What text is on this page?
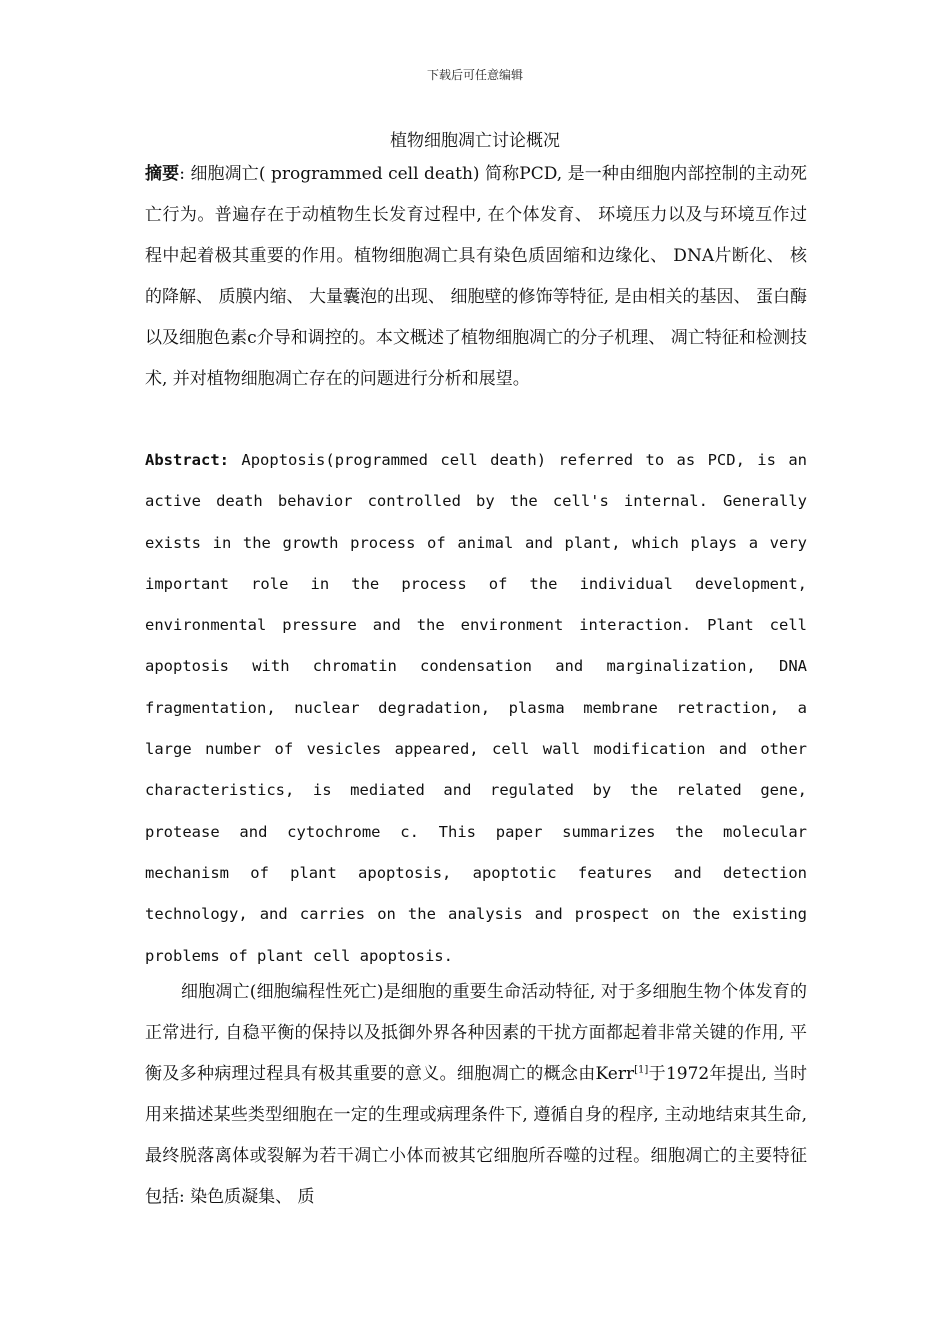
下载后可任意编辑
植物细胞凋亡讨论概况
摘要: 细胞凋亡( programmed cell death) 简称PCD, 是一种由细胞内部控制的主动死亡行为。普遍存在于动植物生长发育过程中, 在个体发育、 环境压力以及与环境互作过程中起着极其重要的作用。植物细胞凋亡具有染色质固缩和边缘化、 DNA片断化、 核的降解、 质膜内缩、 大量囊泡的出现、 细胞壁的修饰等特征, 是由相关的基因、 蛋白酶以及细胞色素c介导和调控的。本文概述了植物细胞凋亡的分子机理、 凋亡特征和检测技术, 并对植物细胞凋亡存在的问题进行分析和展望。
Abstract: Apoptosis(programmed cell death) referred to as PCD, is an active death behavior controlled by the cell's internal. Generally exists in the growth process of animal and plant, which plays a very important role in the process of the individual development, environmental pressure and the environment interaction. Plant cell apoptosis with chromatin condensation and marginalization, DNA fragmentation, nuclear degradation, plasma membrane retraction, a large number of vesicles appeared, cell wall modification and other characteristics, is mediated and regulated by the related gene, protease and cytochrome c. This paper summarizes the molecular mechanism of plant apoptosis, apoptotic features and detection technology, and carries on the analysis and prospect on the existing problems of plant cell apoptosis.
细胞凋亡(细胞编程性死亡)是细胞的重要生命活动特征, 对于多细胞生物个体发育的正常进行, 自稳平衡的保持以及抵御外界各种因素的干扰方面都起着非常关键的作用, 平衡及多种病理过程具有极其重要的意义。细胞凋亡的概念由Kerr[1]于1972年提出, 当时用来描述某些类型细胞在一定的生理或病理条件下, 遵循自身的程序, 主动地结束其生命, 最终脱落离体或裂解为若干凋亡小体而被其它细胞所吞噬的过程。细胞凋亡的主要特征包括: 染色质凝集、 质
